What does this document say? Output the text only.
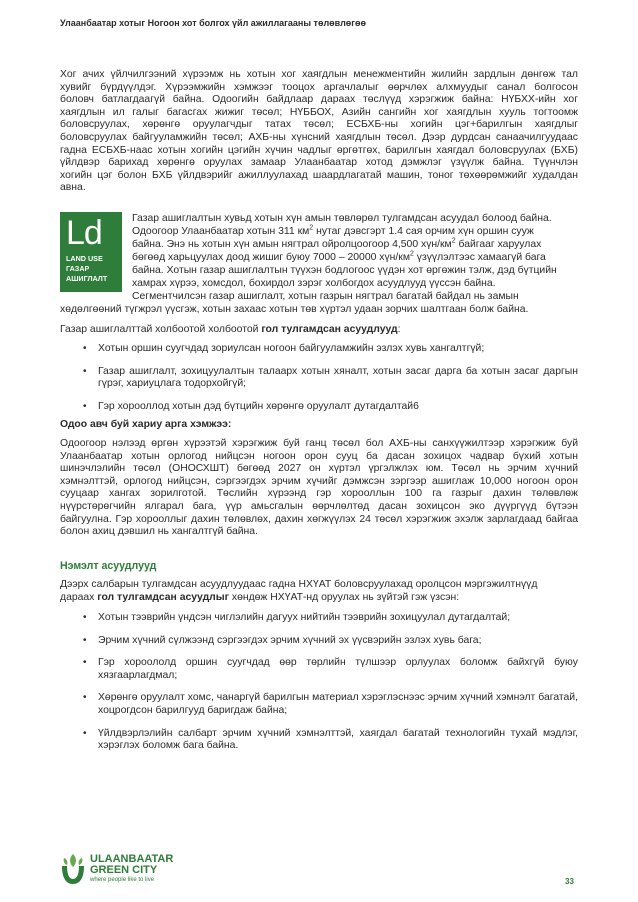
Улаанбаатар хотыг Ногоон хот болгох үйл ажиллагааны төлөвлөгөө
Хог ачих үйлчилгээний хүрээмж нь хотын хог хаягдлын менежментийн жилийн зардлын дөнгөж тал
хувийг бүрдүүлдэг. Хүрээмжийн хэмжээг тооцох аргачлалыг өөрчлөх алхмуудыг санал болгосон
боловч батлагдаагүй байна. Одоогийн байдлаар дараах төслүүд хэрэгжиж байна: НҮБХХ-ийн хог
хаягдлын ил галыг багасгах жижиг төсөл; НҮББОХ, Азийн сангийн хог хаягдлын хууль тогтоомж
боловсруулах, хөрөнгө оруулагчдыг татах төсөл; ЕСБХБ-ны хогийн цэг+барилгын хаягдлыг
боловсруулах байгууламжийн төсөл; АХБ-ны хүнсний хаягдлын төсөл. Дээр дурдсан санаачилгуудаас
гадна ЕСБХБ-наас хотын хогийн цэгийн хүчин чадлыг өргөтгөх, барилгын хаягдал боловсруулах (БХБ)
үйлдвэр барихад хөрөнгө оруулах замаар Улаанбаатар хотод дэмжлэг үзүүлж байна. Түүнчлэн
хогийн цэг болон БХБ үйлдвэрийг ажиллуулахад шаардлагатай машин, тоног төхөөрөмжийг худалдан
авна.
Ld
LAND USE
ГАЗАР
АШИГЛАЛТ
Газар ашиглалтын хувьд хотын хүн амын төвлөрөл тулгамдсан асуудал болоод байна.
Одоогоор Улаанбаатар хотын 311 $км^2$ нутаг дэвсгэрт 1.4 сая орчим хүн оршин сууж
байна. Энэ нь хотын хүн амын нягтрал ойролцоогоор 4,500 хүн/$км^2$ байгааг харуулах
бөгөөд харьцуулах доод жишиг буюу 7000 – 20000 хүн/$км^2$ үзүүлэлтээс хамаагүй бага
байна. Хотын газар ашиглалтын түүхэн бодлогоос үүдэн хот өргөжин тэлж, дэд бүтцийн
хамрах хүрээ, хомсдол, бохирдол зэрэг холбогдох асуудлууд үүссэн байна.
Сегментчилсэн газар ашиглалт, хотын газрын нягтрал багатай байдал нь замын
хөдөлгөөний түгжрэл үүсгэж, хотын захаас хотын төв хүртэл удаан зорчих шалтгаан болж байна.
Газар ашиглалттай холбоотой холбоотой гол тулгамдсан асуудлууд:
• Хотын оршин суугчдад зориулсан ногоон байгууламжийн эзлэх хувь хангалтгүй;
• Газар ашиглалт, зохицуулалтын талаарх хотын хяналт, хотын засаг дарга ба хотын засаг даргын гүрэг, хариуцлага тодорхойгүй;
• Гэр хорооллод хотын дэд бүтцийн хөрөнгө оруулалт дутагдалтай6
Одоо авч буй хариу арга хэмжээ:
Одоогоор нэлээд өргөн хүрээтэй хэрэгжиж буй ганц төсөл бол АХБ-ны санхүүжилтээр хэрэгжиж буй
Улаанбаатар хотын орлогод нийцсэн ногоон орон сууц ба дасан зохицох чадвар бүхий хотын
шинэчлэлийн төсөл (ОНОСХШТ) бөгөөд 2027 он хүртэл үргэлжлэх юм. Төсөл нь эрчим хүчний
хэмнэлттэй, орлогод нийцсэн, сэргээгдэх эрчим хүчийг дэмжсэн зэргээр ашиглаж 10,000 ногоон орон
сууцаар хангах зорилготой. Төслийн хүрээнд гэр хорооллын 100 га газрыг дахин төлөвлөж
нүүрстөрөгчийн ялгарал бага, үүр амьсгалын өөрчлөлтөд дасан зохицсон эко дүүргүүд бүтээн
байгуулна. Гэр хорооллыг дахин төлөвлөх, дахин хөгжүүлэх 24 төсөл хэрэгжиж эхэлж зарлагдаад байгаа
болон ахиц дэвшил нь хангалтгүй байна.
Нэмэлт асуудлууд
Дээрх салбарын тулгамдсан асуудлуудаас гадна НХҮАТ боловсруулахад оролцсон мэргэжилтнүүд
дараах гол тулгамдсан асуудлыг хөндөж НХҮАТ-нд оруулах нь зүйтэй гэж үзсэн:
• Хотын тээврийн үндсэн чиглэлийн дагуух нийтийн тээврийн зохицуулал дутагдалтай;
• Эрчим хүчний сүлжээнд сэргээгдэх эрчим хүчний эх үүсвэрийн эзлэх хувь бага;
• Гэр хороололд оршин суугчдад өөр төрлийн түлшээр орлуулах боломж байхгүй буюу хязгаарлагдмал;
• Хөрөнгө оруулалт хомс, чанаргүй барилгын материал хэрэглэснээс эрчим хүчний хэмнэлт багатай, хоцрогдсон барилгууд баригдаж байна;
• Үйлдвэрлэлийн салбарт эрчим хүчний хэмнэлттэй, хаягдал багатай технологийн тухай мэдлэг, хэрэглэх боломж бага байна.
ULAANBAATAR
GREEN CITY
where people like to live	33
